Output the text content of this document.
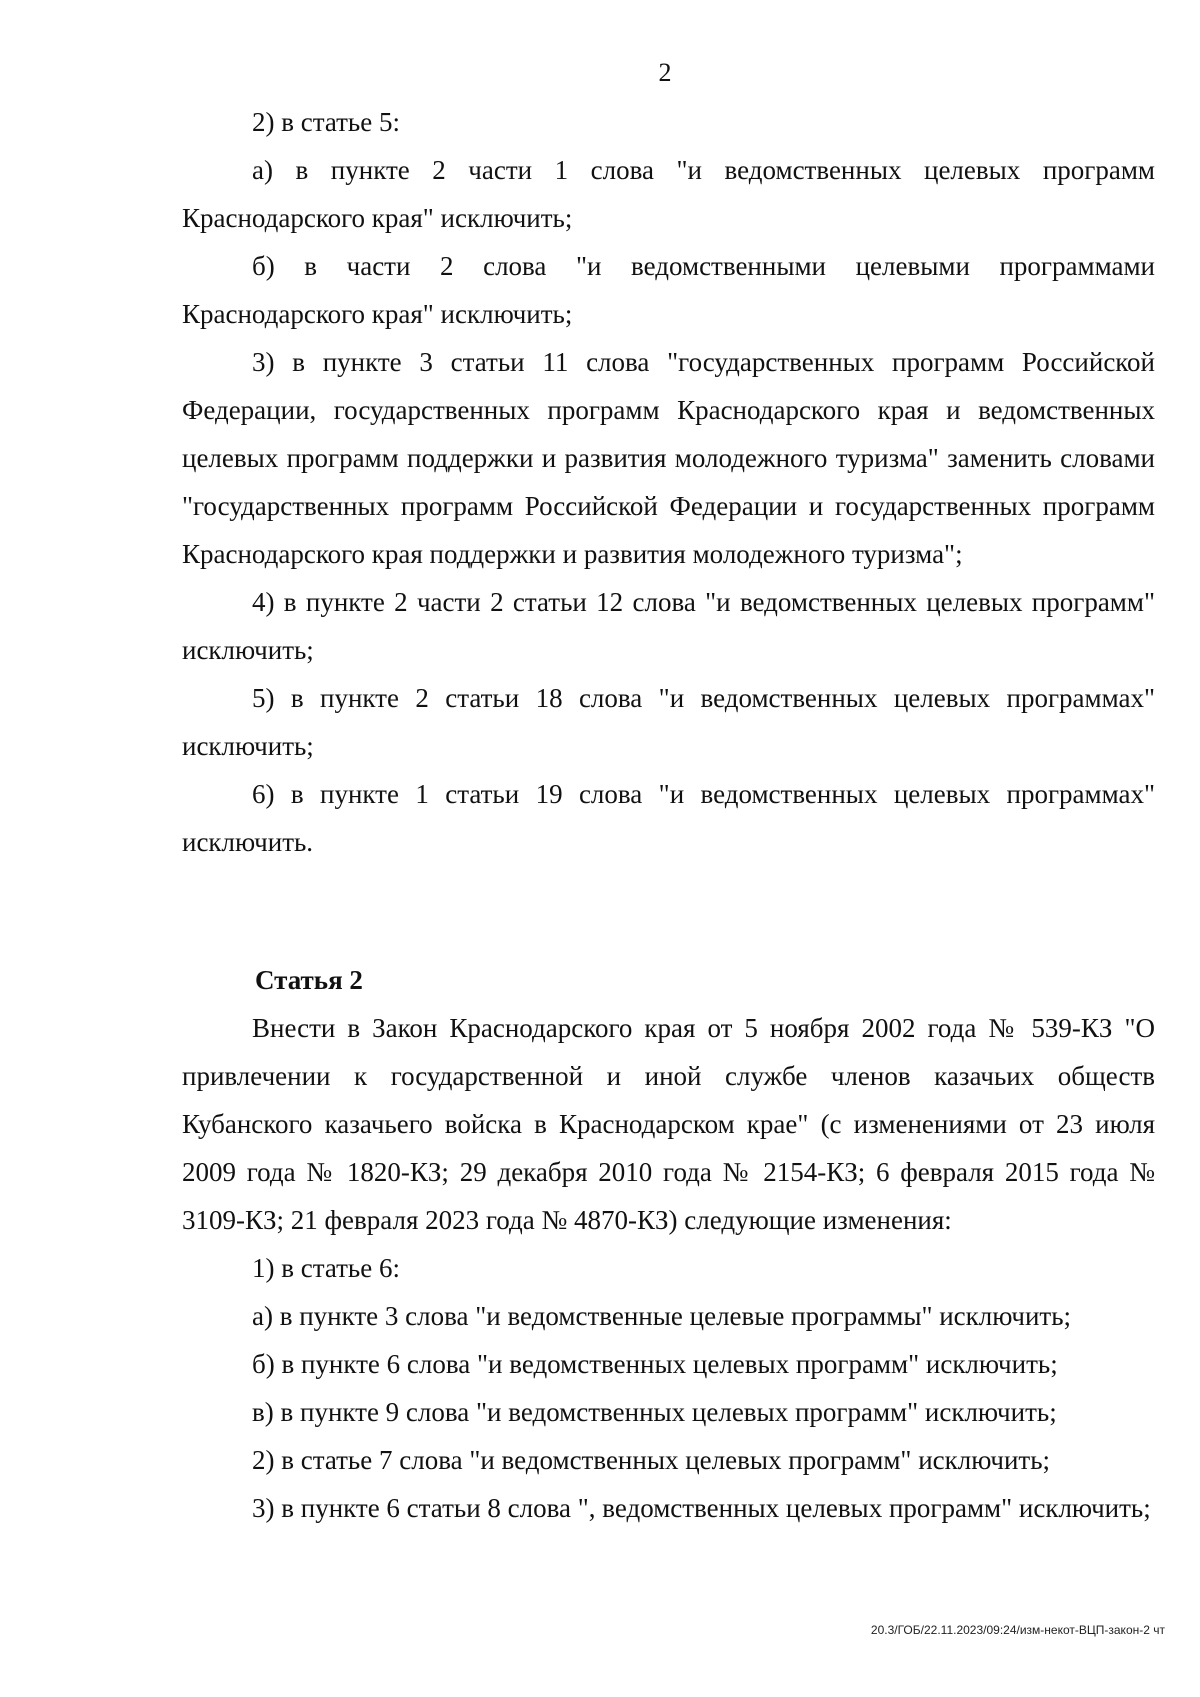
2

2) в статье 5:

а) в пункте 2 части 1 слова "и ведомственных целевых программ Краснодарского края" исключить;

б) в части 2 слова "и ведомственными целевыми программами Краснодарского края" исключить;

3) в пункте 3 статьи 11 слова "государственных программ Российской Федерации, государственных программ Краснодарского края и ведомственных целевых программ поддержки и развития молодежного туризма" заменить словами "государственных программ Российской Федерации и государственных программ Краснодарского края поддержки и развития молодежного туризма";

4) в пункте 2 части 2 статьи 12 слова "и ведомственных целевых программ" исключить;

5) в пункте 2 статьи 18 слова "и ведомственных целевых программах" исключить;

6) в пункте 1 статьи 19 слова "и ведомственных целевых программах" исключить.

Статья 2

Внести в Закон Краснодарского края от 5 ноября 2002 года № 539-КЗ "О привлечении к государственной и иной службе членов казачьих обществ Кубанского казачьего войска в Краснодарском крае" (с изменениями от 23 июля 2009 года № 1820-КЗ; 29 декабря 2010 года № 2154-КЗ; 6 февраля 2015 года № 3109-КЗ; 21 февраля 2023 года № 4870-КЗ) следующие изменения:

1) в статье 6:

а) в пункте 3 слова "и ведомственные целевые программы" исключить;

б) в пункте 6 слова "и ведомственных целевых программ" исключить;

в) в пункте 9 слова "и ведомственных целевых программ" исключить;

2) в статье 7 слова "и ведомственных целевых программ" исключить;

3) в пункте 6 статьи 8 слова ", ведомственных целевых программ" исключить;

20.3/ГОБ/22.11.2023/09:24/изм-некот-ВЦП-закон-2 чт
